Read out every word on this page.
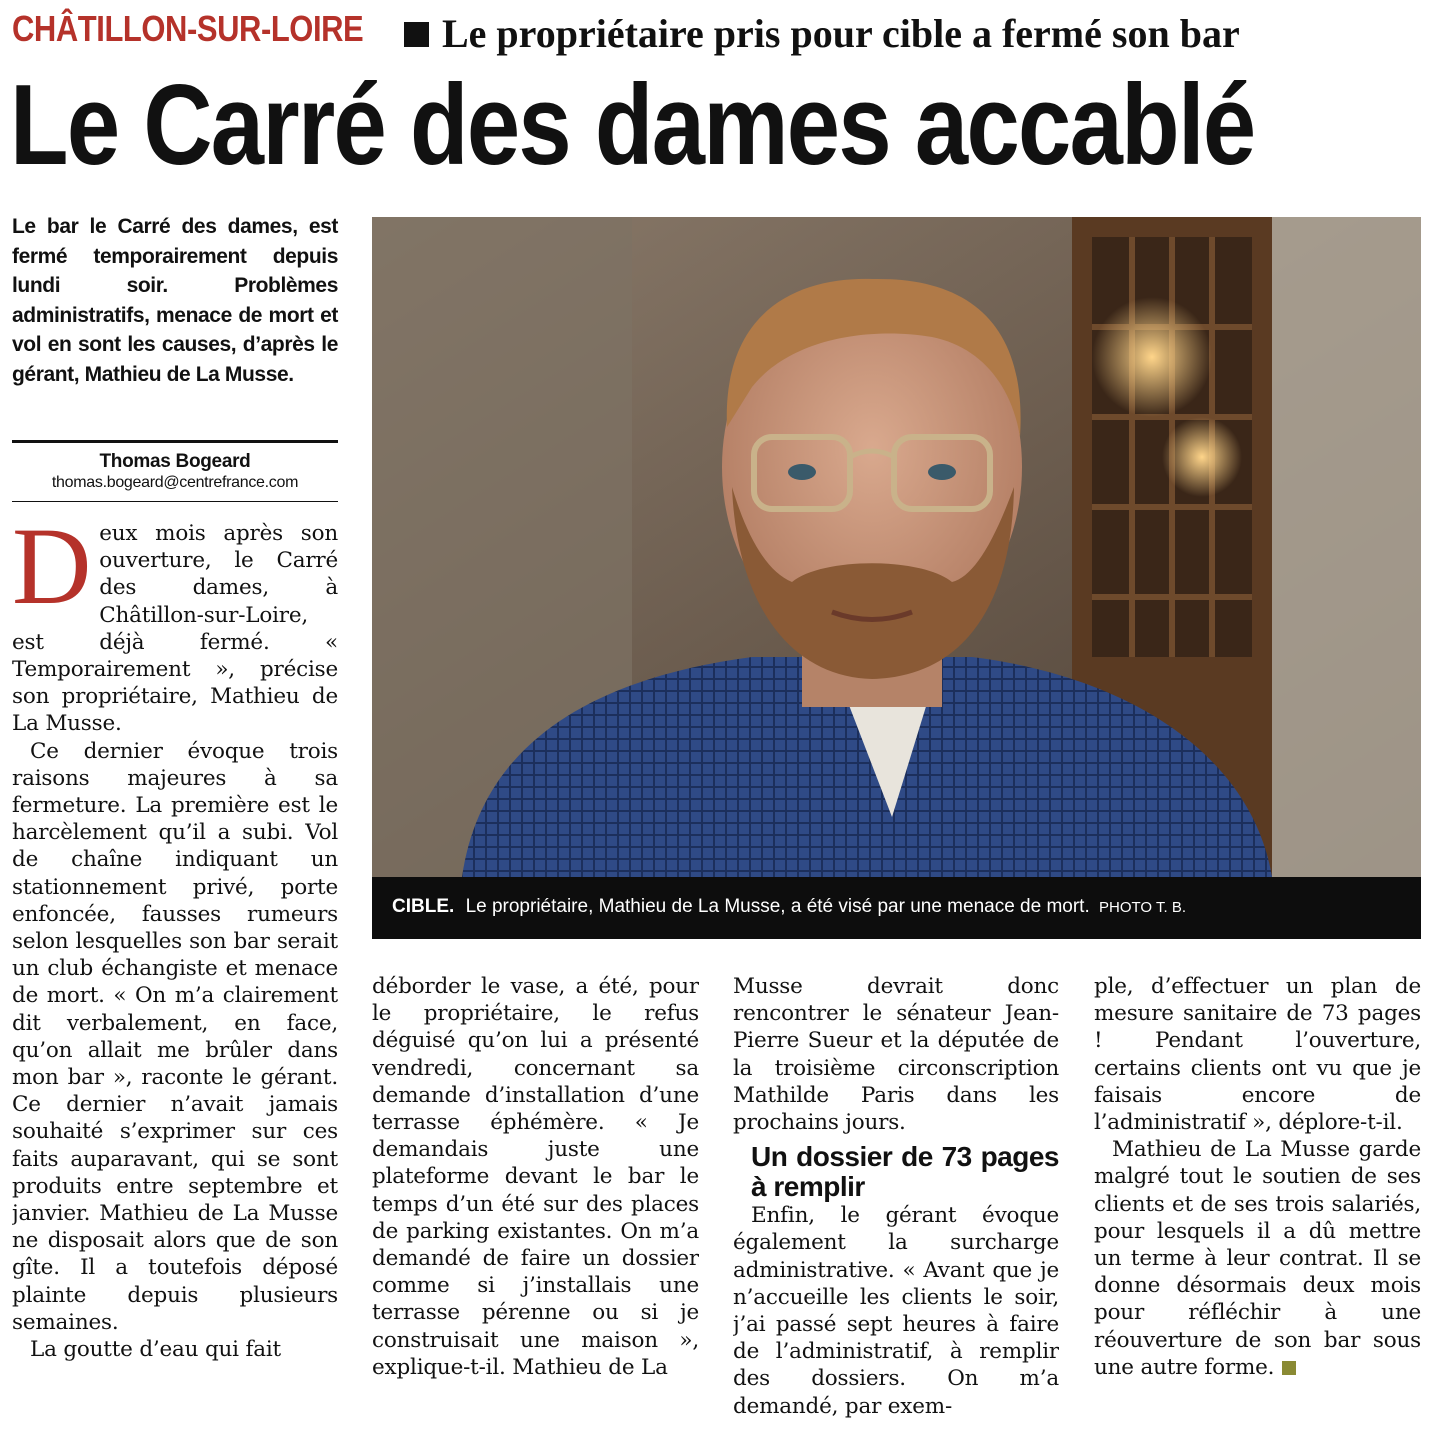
CHÂTILLON-SUR-LOIRE Le propriétaire pris pour cible a fermé son bar
Le Carré des dames accablé
Le bar le Carré des dames, est fermé temporairement depuis lundi soir. Problèmes administratifs, menace de mort et vol en sont les causes, d’après le gérant, Mathieu de La Musse.
Thomas Bogeard
thomas.bogeard@centrefrance.com
CIBLE. Le propriétaire, Mathieu de La Musse, a été visé par une menace de mort. PHOTO T. B.

Deux mois après son ouverture, le Carré des dames, à Châtillon-sur-Loire, est déjà fermé. « Temporairement », précise son propriétaire, Mathieu de La Musse.

Ce dernier évoque trois raisons majeures à sa fermeture. La première est le harcèlement qu’il a subi. Vol de chaîne indiquant un stationnement privé, porte enfoncée, fausses rumeurs selon lesquelles son bar serait un club échangiste et menace de mort. « On m’a clairement dit verbalement, en face, qu’on allait me brûler dans mon bar », raconte le gérant. Ce dernier n’avait jamais souhaité s’exprimer sur ces faits auparavant, qui se sont produits entre septembre et janvier. Mathieu de La Musse ne disposait alors que de son gîte. Il a toutefois déposé plainte depuis plusieurs semaines.

La goutte d’eau qui fait

déborder le vase, a été, pour le propriétaire, le refus déguisé qu’on lui a présenté vendredi, concernant sa demande d’installation d’une terrasse éphémère. « Je demandais juste une plateforme devant le bar le temps d’un été sur des places de parking existantes. On m’a demandé de faire un dossier comme si j’installais une terrasse pérenne ou si je construisait une maison », explique-t-il. Mathieu de La

Musse devrait donc rencontrer le sénateur Jean-Pierre Sueur et la députée de la troisième circonscription Mathilde Paris dans les prochains jours.

Un dossier de 73 pages à remplir

Enfin, le gérant évoque également la surcharge administrative. « Avant que je n’accueille les clients le soir, j’ai passé sept heures à faire de l’administratif, à remplir des dossiers. On m’a demandé, par exem-

ple, d’effectuer un plan de mesure sanitaire de 73 pages ! Pendant l’ouverture, certains clients ont vu que je faisais encore de l’administratif », déplore-t-il.

Mathieu de La Musse garde malgré tout le soutien de ses clients et de ses trois salariés, pour lesquels il a dû mettre un terme à leur contrat. Il se donne désormais deux mois pour réfléchir à une réouverture de son bar sous une autre forme.
